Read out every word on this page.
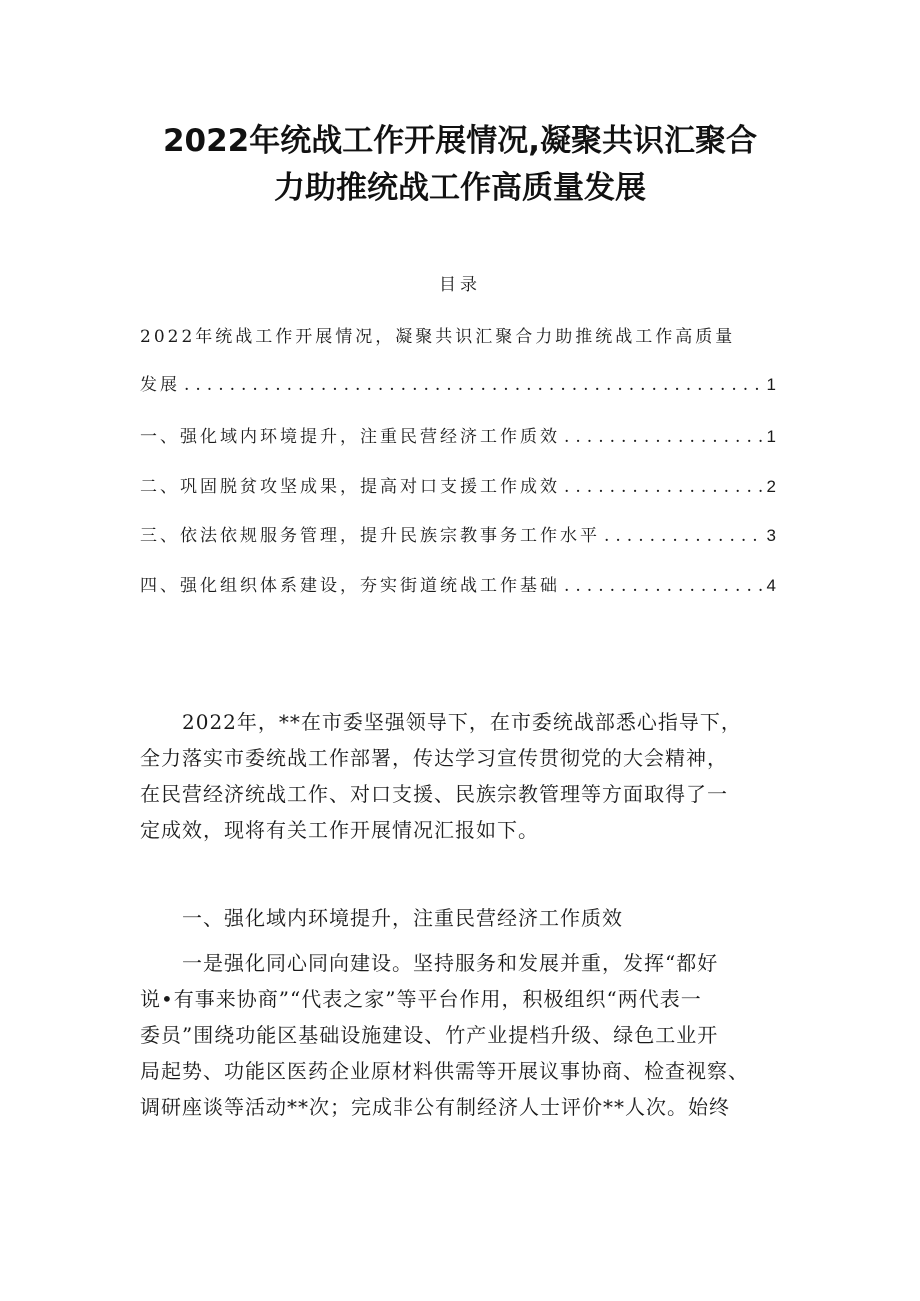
2022年统战工作开展情况,凝聚共识汇聚合
力助推统战工作高质量发展
目录
2022年统战工作开展情况，凝聚共识汇聚合力助推统战工作高质量
发展 .....	1
一、强化域内环境提升，注重民营经济工作质效 .....	1
二、巩固脱贫攻坚成果，提高对口支援工作成效 .....	2
三、依法依规服务管理，提升民族宗教事务工作水平 .....	3
四、强化组织体系建设，夯实街道统战工作基础 .....	4
　　2022年，**在市委坚强领导下，在市委统战部悉心指导下，
全力落实市委统战工作部署，传达学习宣传贯彻党的大会精神，
在民营经济统战工作、对口支援、民族宗教管理等方面取得了一
定成效，现将有关工作开展情况汇报如下。
　　一、强化域内环境提升，注重民营经济工作质效
　　一是强化同心同向建设。坚持服务和发展并重，发挥“都好
说•有事来协商”“代表之家”等平台作用，积极组织“两代表一
委员”围绕功能区基础设施建设、竹产业提档升级、绿色工业开
局起势、功能区医药企业原材料供需等开展议事协商、检查视察、
调研座谈等活动**次；完成非公有制经济人士评价**人次。始终
